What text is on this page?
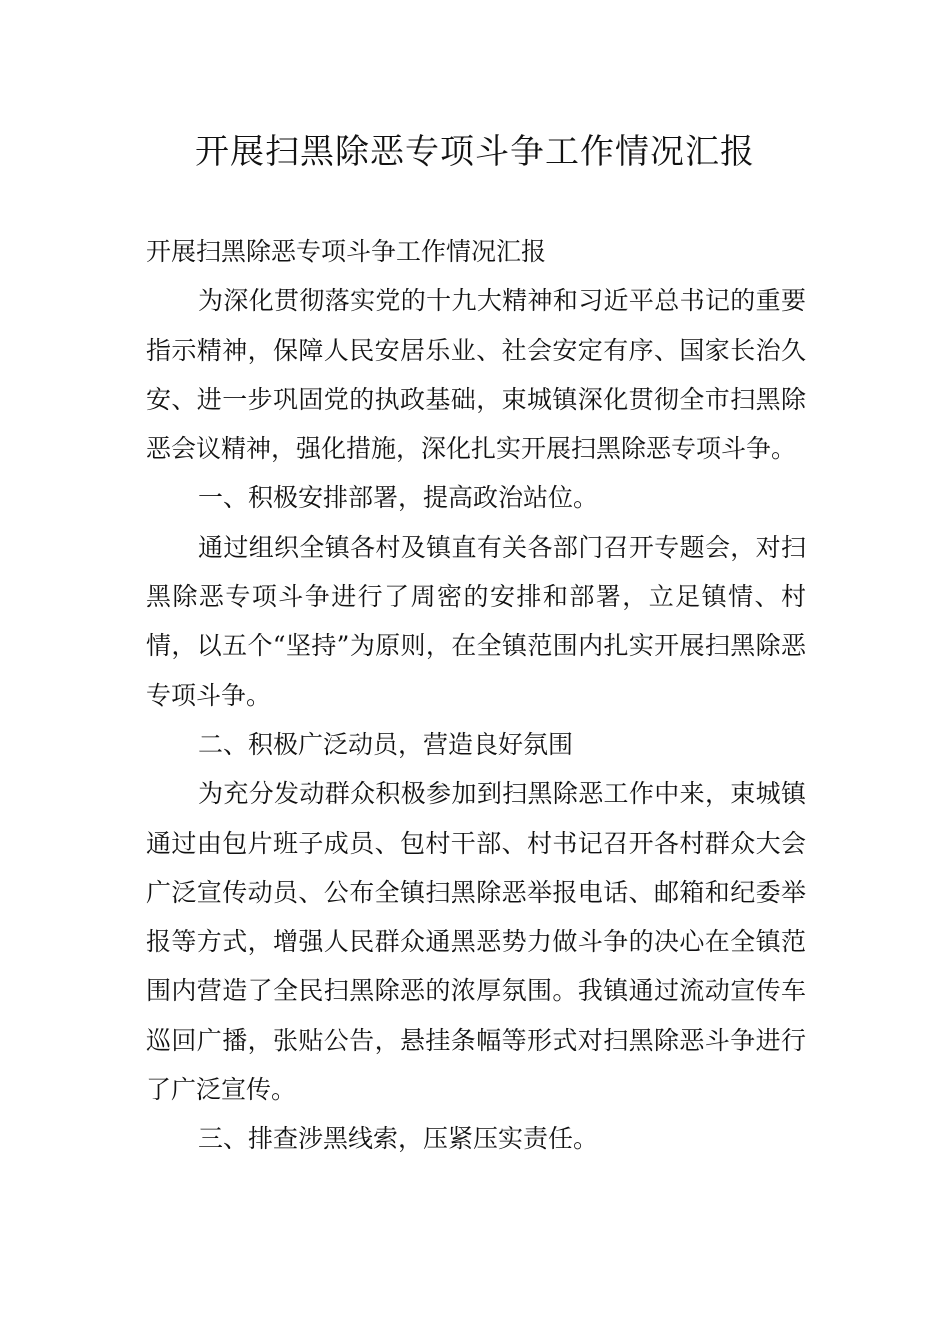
开展扫黑除恶专项斗争工作情况汇报

开展扫黑除恶专项斗争工作情况汇报

为深化贯彻落实党的十九大精神和习近平总书记的重要指示精神，保障人民安居乐业、社会安定有序、国家长治久安、进一步巩固党的执政基础，束城镇深化贯彻全市扫黑除恶会议精神，强化措施，深化扎实开展扫黑除恶专项斗争。

一、积极安排部署，提高政治站位。

通过组织全镇各村及镇直有关各部门召开专题会，对扫黑除恶专项斗争进行了周密的安排和部署，立足镇情、村情，以五个“坚持”为原则，在全镇范围内扎实开展扫黑除恶专项斗争。

二、积极广泛动员，营造良好氛围

为充分发动群众积极参加到扫黑除恶工作中来，束城镇通过由包片班子成员、包村干部、村书记召开各村群众大会广泛宣传动员、公布全镇扫黑除恶举报电话、邮箱和纪委举报等方式，增强人民群众通黑恶势力做斗争的决心在全镇范围内营造了全民扫黑除恶的浓厚氛围。我镇通过流动宣传车巡回广播，张贴公告，悬挂条幅等形式对扫黑除恶斗争进行了广泛宣传。

三、排查涉黑线索，压紧压实责任。
